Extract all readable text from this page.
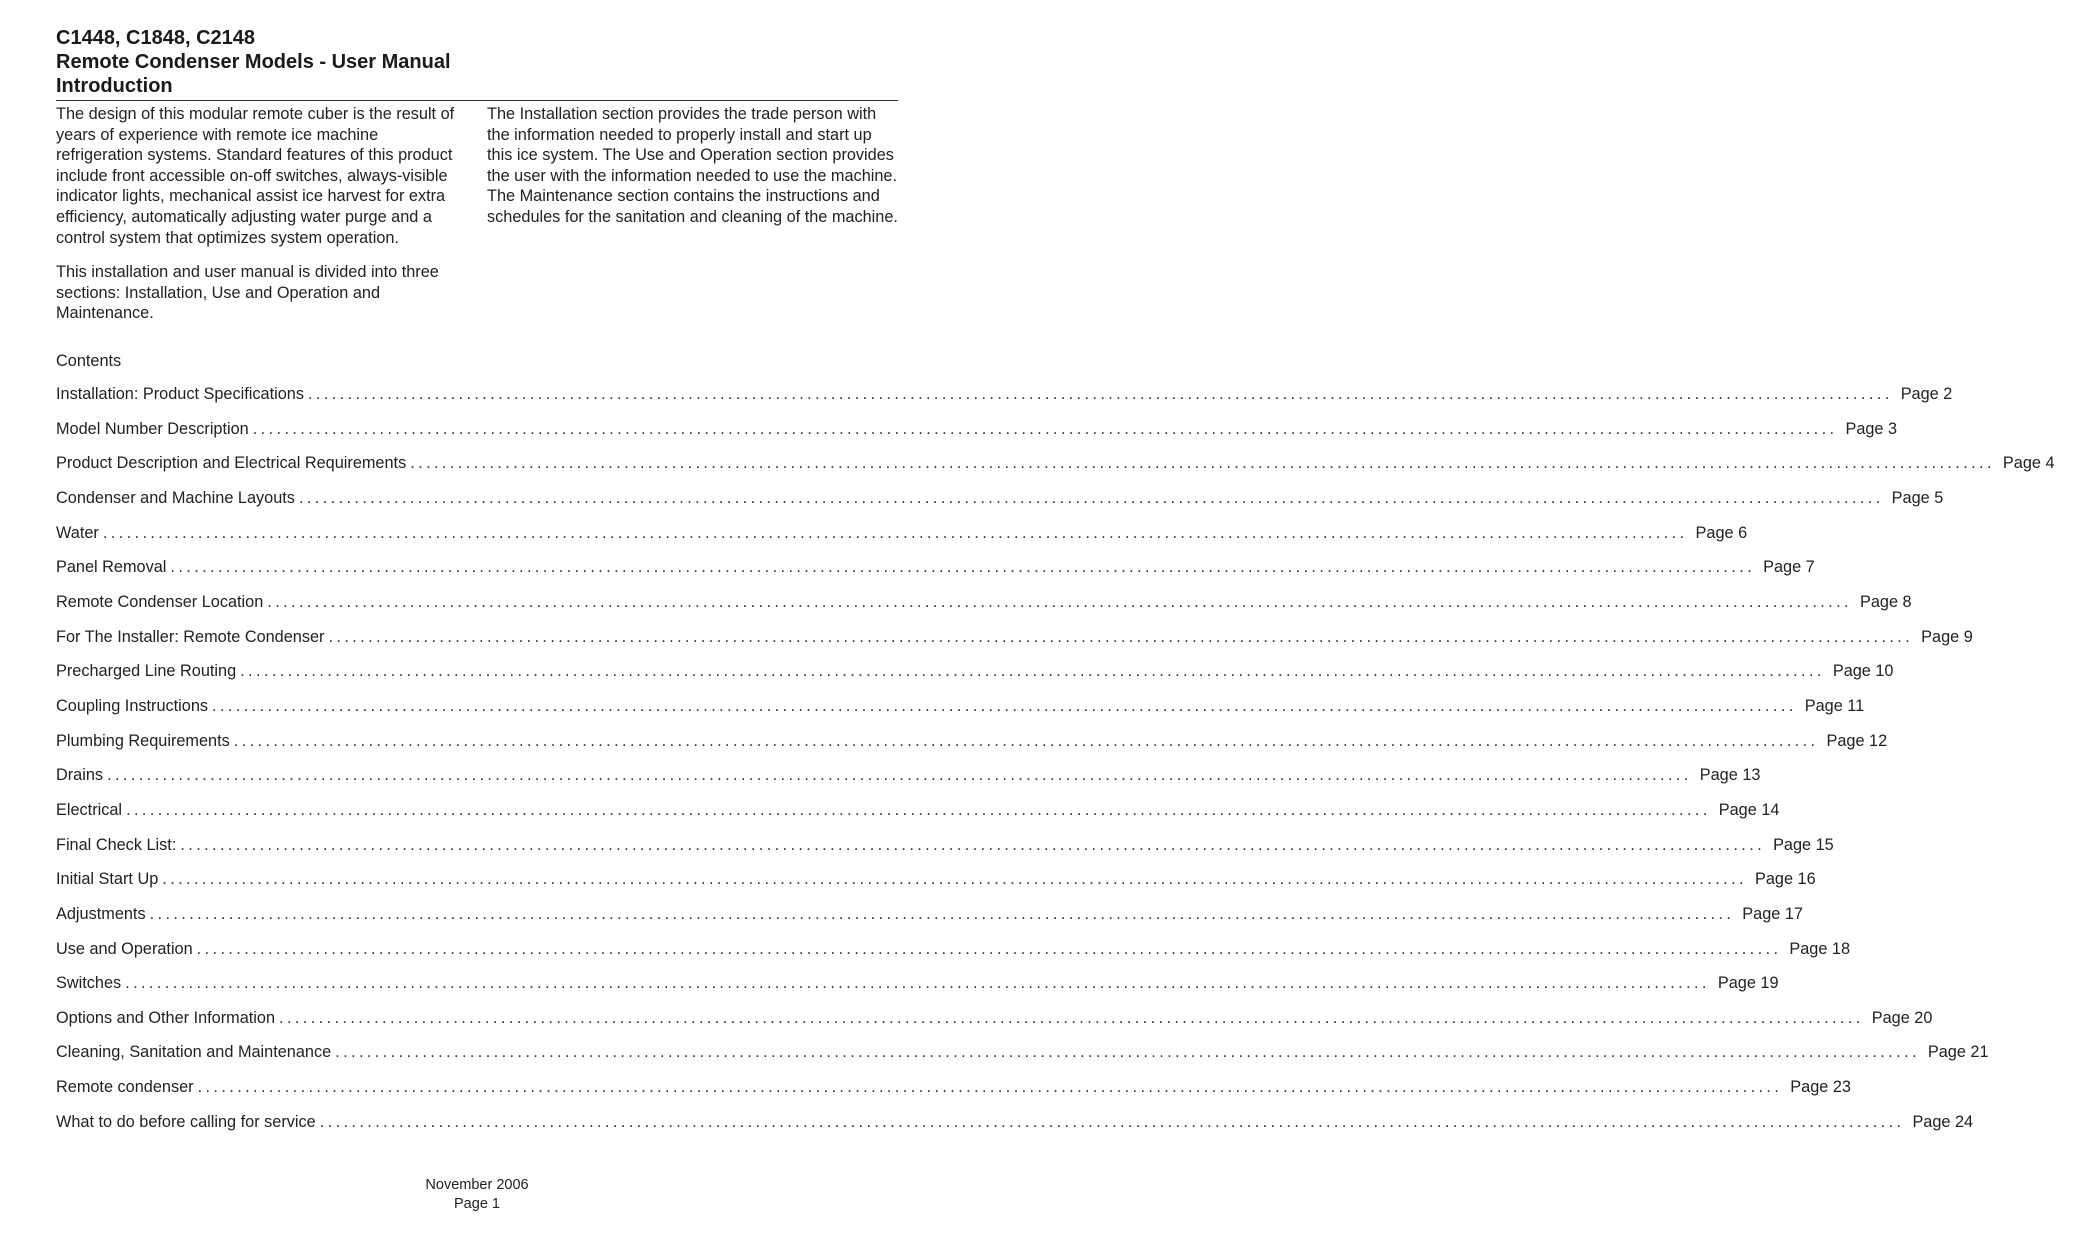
C1448, C1848, C2148
Remote Condenser Models - User Manual
Introduction

The design of this modular remote cuber is the result of years of experience with remote ice machine refrigeration systems. Standard features of this product include front accessible on-off switches, always-visible indicator lights, mechanical assist ice harvest for extra efficiency, automatically adjusting water purge and a control system that optimizes system operation.

This installation and user manual is divided into three sections: Installation, Use and Operation and Maintenance.

The Installation section provides the trade person with the information needed to properly install and start up this ice system. The Use and Operation section provides the user with the information needed to use the machine. The Maintenance section contains the instructions and schedules for the sanitation and cleaning of the machine.

Contents
Installation: Product Specifications ........................................................................................................................................................................................................ Page 2
Model Number Description ........................................................................................................................................................................................................ Page 3
Product Description and Electrical Requirements ........................................................................................................................................................................................................ Page 4
Condenser and Machine Layouts ........................................................................................................................................................................................................ Page 5
Water ........................................................................................................................................................................................................ Page 6
Panel Removal ........................................................................................................................................................................................................ Page 7
Remote Condenser Location ........................................................................................................................................................................................................ Page 8
For The Installer: Remote Condenser ........................................................................................................................................................................................................ Page 9
Precharged Line Routing ........................................................................................................................................................................................................ Page 10
Coupling Instructions ........................................................................................................................................................................................................ Page 11
Plumbing Requirements ........................................................................................................................................................................................................ Page 12
Drains ........................................................................................................................................................................................................ Page 13
Electrical ........................................................................................................................................................................................................ Page 14
Final Check List: ........................................................................................................................................................................................................ Page 15
Initial Start Up ........................................................................................................................................................................................................ Page 16
Adjustments ........................................................................................................................................................................................................ Page 17
Use and Operation ........................................................................................................................................................................................................ Page 18
Switches ........................................................................................................................................................................................................ Page 19
Options and Other Information ........................................................................................................................................................................................................ Page 20
Cleaning, Sanitation and Maintenance ........................................................................................................................................................................................................ Page 21
Remote condenser ........................................................................................................................................................................................................ Page 23
What to do before calling for service ........................................................................................................................................................................................................ Page 24
November 2006
Page 1
